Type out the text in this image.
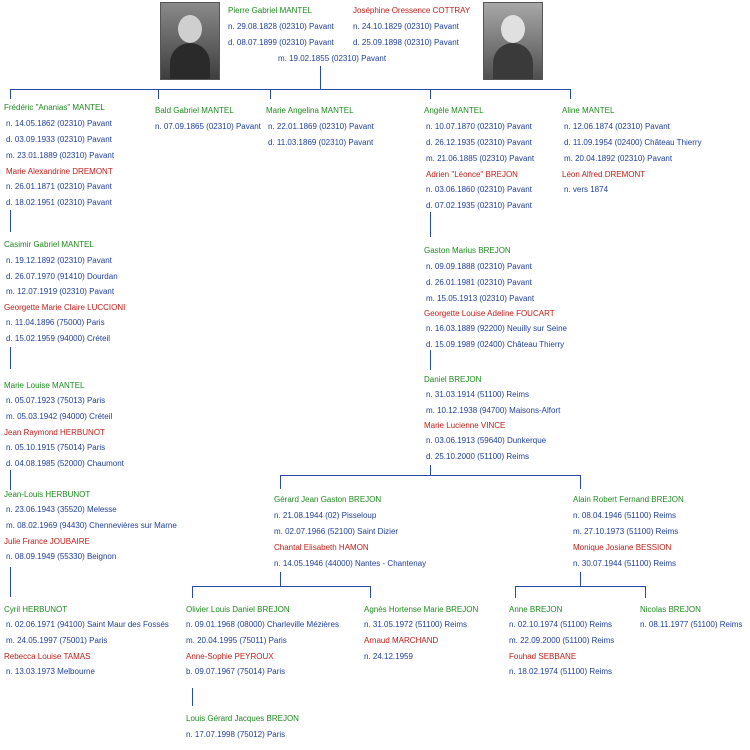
Pierre Gabriel MANTEL
n. 29.08.1828 (02310) Pavant
d. 08.07.1899 (02310) Pavant
Joséphine Oressence COTTRAY
n. 24.10.1829 (02310) Pavant
d. 25.09.1898 (02310) Pavant
m. 19.02.1855 (02310) Pavant
Frédéric "Ananias" MANTEL
n. 14.05.1862 (02310) Pavant
d. 03.09.1933 (02310) Pavant
m. 23.01.1889 (02310) Pavant
Marie Alexandrine DREMONT
n. 26.01.1871 (02310) Pavant
d. 18.02.1951 (02310) Pavant
Bald Gabriel MANTEL
n. 07.09.1865 (02310) Pavant
Marie Angelina MANTEL
n. 22.01.1869 (02310) Pavant
d. 11.03.1869 (02310) Pavant
Angèle MANTEL
n. 10.07.1870 (02310) Pavant
d. 26.12.1935 (02310) Pavant
m. 21.06.1885 (02310) Pavant
Adrien "Léonce" BREJON
n. 03.06.1860 (02310) Pavant
d. 07.02.1935 (02310) Pavant
Aline MANTEL
n. 12.06.1874 (02310) Pavant
d. 11.09.1954 (02400) Château Thierry
m. 20.04.1892 (02310) Pavant
Léon Alfred DREMONT
n. vers 1874
Casimir Gabriel MANTEL
n. 19.12.1892 (02310) Pavant
d. 26.07.1970 (91410) Dourdan
m. 12.07.1919 (02310) Pavant
Georgette Marie Claire LUCCIONI
n. 11.04.1896 (75000) Paris
d. 15.02.1959 (94000) Créteil
Marie Louise MANTEL
n. 05.07.1923 (75013) Paris
m. 05.03.1942 (94000) Créteil
Jean Raymond HERBUNOT
n. 05.10.1915 (75014) Paris
d. 04.08.1985 (52000) Chaumont
Jean-Louis HERBUNOT
n. 23.06.1943 (35520) Melesse
m. 08.02.1969 (94430) Chennevières sur Marne
Julie France JOUBAIRE
n. 08.09.1949 (55330) Beignon
Cyril HERBUNOT
n. 02.06.1971 (94100) Saint Maur des Fossés
m. 24.05.1997 (75001) Paris
Rebecca Louise TAMAS
n. 13.03.1973 Melbourne
Gaston Marius BREJON
n. 09.09.1888 (02310) Pavant
d. 26.01.1981 (02310) Pavant
m. 15.05.1913 (02310) Pavant
Georgette Louise Adeline FOUCART
n. 16.03.1889 (92200) Neuilly sur Seine
d. 15.09.1989 (02400) Château Thierry
Daniel BREJON
n. 31.03.1914 (51100) Reims
m. 10.12.1938 (94700) Maisons-Alfort
Marie Lucienne VINCE
n. 03.06.1913 (59640) Dunkerque
d. 25.10.2000 (51100) Reims
Gérard Jean Gaston BREJON
n. 21.08.1944 (02) Pisseloup
m. 02.07.1966 (52100) Saint Dizier
Chantal Elisabeth HAMON
n. 14.05.1946 (44000) Nantes - Chantenay
Alain Robert Fernand BREJON
n. 08.04.1946 (51100) Reims
m. 27.10.1973 (51100) Reims
Monique Josiane BESSION
n. 30.07.1944 (51100) Reims
Olivier Louis Daniel BREJON
n. 09.01.1968 (08000) Charleville Mézières
m. 20.04.1995 (75011) Paris
Anne-Sophie PEYROUX
b. 09.07.1967 (75014) Paris
Agnès Hortense Marie BREJON
n. 31.05.1972 (51100) Reims
Arnaud MARCHAND
n. 24.12.1959
Anne BREJON
n. 02.10.1974 (51100) Reims
m. 22.09.2000 (51100) Reims
Fouhad SEBBANE
n. 18.02.1974 (51100) Reims
Nicolas BREJON
n. 08.11.1977 (51100) Reims
Louis Gérard Jacques BREJON
n. 17.07.1998 (75012) Paris
